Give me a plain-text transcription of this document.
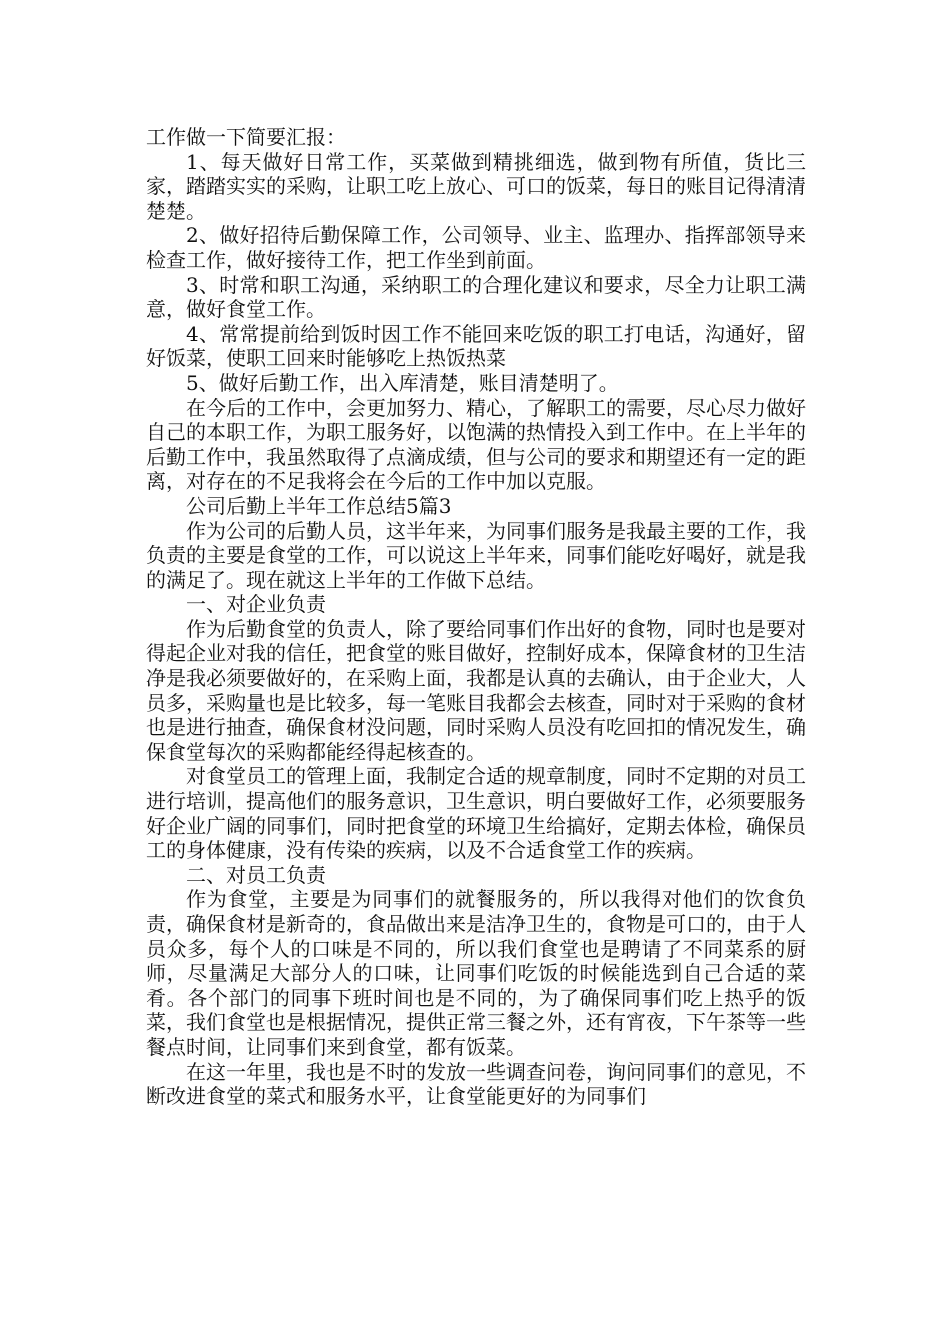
工作做一下简要汇报：

1、每天做好日常工作，买菜做到精挑细选，做到物有所值，货比三家，踏踏实实的采购，让职工吃上放心、可口的饭菜，每日的账目记得清清楚楚。

2、做好招待后勤保障工作，公司领导、业主、监理办、指挥部领导来检查工作，做好接待工作，把工作坐到前面。

3、时常和职工沟通，采纳职工的合理化建议和要求，尽全力让职工满意，做好食堂工作。

4、常常提前给到饭时因工作不能回来吃饭的职工打电话，沟通好，留好饭菜，使职工回来时能够吃上热饭热菜

5、做好后勤工作，出入库清楚，账目清楚明了。

在今后的工作中，会更加努力、精心，了解职工的需要，尽心尽力做好自己的本职工作，为职工服务好，以饱满的热情投入到工作中。在上半年的后勤工作中，我虽然取得了点滴成绩，但与公司的要求和期望还有一定的距离，对存在的不足我将会在今后的工作中加以克服。

公司后勤上半年工作总结5篇3

作为公司的后勤人员，这半年来，为同事们服务是我最主要的工作，我负责的主要是食堂的工作，可以说这上半年来，同事们能吃好喝好，就是我的满足了。现在就这上半年的工作做下总结。

一、对企业负责

作为后勤食堂的负责人，除了要给同事们作出好的食物，同时也是要对得起企业对我的信任，把食堂的账目做好，控制好成本，保障食材的卫生洁净是我必须要做好的，在采购上面，我都是认真的去确认，由于企业大，人员多，采购量也是比较多，每一笔账目我都会去核查，同时对于采购的食材也是进行抽查，确保食材没问题，同时采购人员没有吃回扣的情况发生，确保食堂每次的采购都能经得起核查的。

对食堂员工的管理上面，我制定合适的规章制度，同时不定期的对员工进行培训，提高他们的服务意识，卫生意识，明白要做好工作，必须要服务好企业广阔的同事们，同时把食堂的环境卫生给搞好，定期去体检，确保员工的身体健康，没有传染的疾病，以及不合适食堂工作的疾病。

二、对员工负责

作为食堂，主要是为同事们的就餐服务的，所以我得对他们的饮食负责，确保食材是新奇的，食品做出来是洁净卫生的，食物是可口的，由于人员众多，每个人的口味是不同的，所以我们食堂也是聘请了不同菜系的厨师，尽量满足大部分人的口味，让同事们吃饭的时候能选到自己合适的菜肴。各个部门的同事下班时间也是不同的，为了确保同事们吃上热乎的饭菜，我们食堂也是根据情况，提供正常三餐之外，还有宵夜，下午茶等一些餐点时间，让同事们来到食堂，都有饭菜。

在这一年里，我也是不时的发放一些调查问卷，询问同事们的意见，不断改进食堂的菜式和服务水平，让食堂能更好的为同事们
